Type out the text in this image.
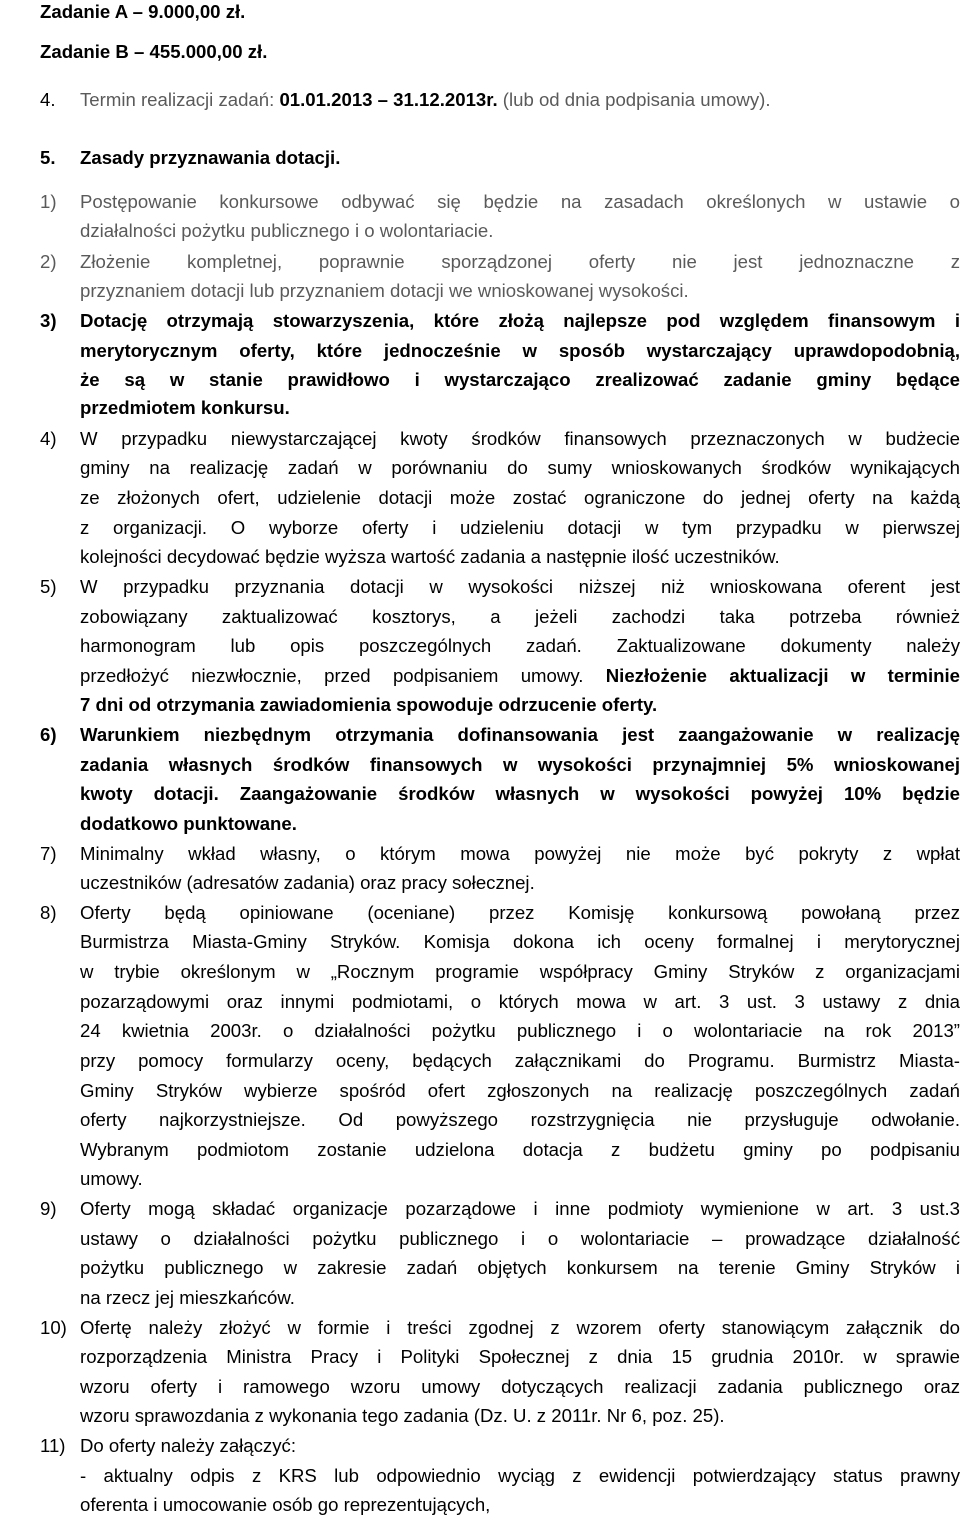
Zadanie A – 9.000,00 zł.
Zadanie B – 455.000,00 zł.
4. Termin realizacji zadań: 01.01.2013 – 31.12.2013r. (lub od dnia podpisania umowy).
5. Zasady przyznawania dotacji.
1) Postępowanie konkursowe odbywać się będzie na zasadach określonych w ustawie o
działalności pożytku publicznego i o wolontariacie.
2) Złożenie kompletnej, poprawnie sporządzonej oferty nie jest jednoznaczne z
przyznaniem dotacji lub przyznaniem dotacji we wnioskowanej wysokości.
3) Dotację otrzymają stowarzyszenia, które złożą najlepsze pod względem finansowym i
merytorycznym oferty, które jednocześnie w sposób wystarczający uprawdopodobnią,
że są w stanie prawidłowo i wystarczająco zrealizować zadanie gminy będące
przedmiotem konkursu.
4) W przypadku niewystarczającej kwoty środków finansowych przeznaczonych w budżecie
gminy na realizację zadań w porównaniu do sumy wnioskowanych środków wynikających
ze złożonych ofert, udzielenie dotacji może zostać ograniczone do jednej oferty na każdą
z organizacji. O wyborze oferty i udzieleniu dotacji w tym przypadku w pierwszej
kolejności decydować będzie wyższa wartość zadania a następnie ilość uczestników.
5) W przypadku przyznania dotacji w wysokości niższej niż wnioskowana oferent jest
zobowiązany zaktualizować kosztorys, a jeżeli zachodzi taka potrzeba również
harmonogram lub opis poszczególnych zadań. Zaktualizowane dokumenty należy
przedłożyć niezwłocznie, przed podpisaniem umowy. Niezłożenie aktualizacji w terminie
7 dni od otrzymania zawiadomienia spowoduje odrzucenie oferty.
6) Warunkiem niezbędnym otrzymania dofinansowania jest zaangażowanie w realizację
zadania własnych środków finansowych w wysokości przynajmniej 5% wnioskowanej
kwoty dotacji. Zaangażowanie środków własnych w wysokości powyżej 10% będzie
dodatkowo punktowane.
7) Minimalny wkład własny, o którym mowa powyżej nie może być pokryty z wpłat
uczestników (adresatów zadania) oraz pracy sołecznej.
8) Oferty będą opiniowane (oceniane) przez Komisję konkursową powołaną przez
Burmistrza Miasta-Gminy Stryków. Komisja dokona ich oceny formalnej i merytorycznej
w trybie określonym w „Rocznym programie współpracy Gminy Stryków z organizacjami
pozarządowymi oraz innymi podmiotami, o których mowa w art. 3 ust. 3 ustawy z dnia
24 kwietnia 2003r. o działalności pożytku publicznego i o wolontariacie na rok 2013”
przy pomocy formularzy oceny, będących załącznikami do Programu. Burmistrz Miasta-
Gminy Stryków wybierze spośród ofert zgłoszonych na realizację poszczególnych zadań
oferty najkorzystniejsze. Od powyższego rozstrzygnięcia nie przysługuje odwołanie.
Wybranym podmiotom zostanie udzielona dotacja z budżetu gminy po podpisaniu
umowy.
9) Oferty mogą składać organizacje pozarządowe i inne podmioty wymienione w art. 3 ust.3
ustawy o działalności pożytku publicznego i o wolontariacie – prowadzące działalność
pożytku publicznego w zakresie zadań objętych konkursem na terenie Gminy Stryków i
na rzecz jej mieszkańców.
10) Ofertę należy złożyć w formie i treści zgodnej z wzorem oferty stanowiącym załącznik do
rozporządzenia Ministra Pracy i Polityki Społecznej z dnia 15 grudnia 2010r. w sprawie
wzoru oferty i ramowego wzoru umowy dotyczących realizacji zadania publicznego oraz
wzoru sprawozdania z wykonania tego zadania (Dz. U. z 2011r. Nr 6, poz. 25).
11) Do oferty należy załączyć:
- aktualny odpis z KRS lub odpowiednio wyciąg z ewidencji potwierdzający status prawny
oferenta i umocowanie osób go reprezentujących,
